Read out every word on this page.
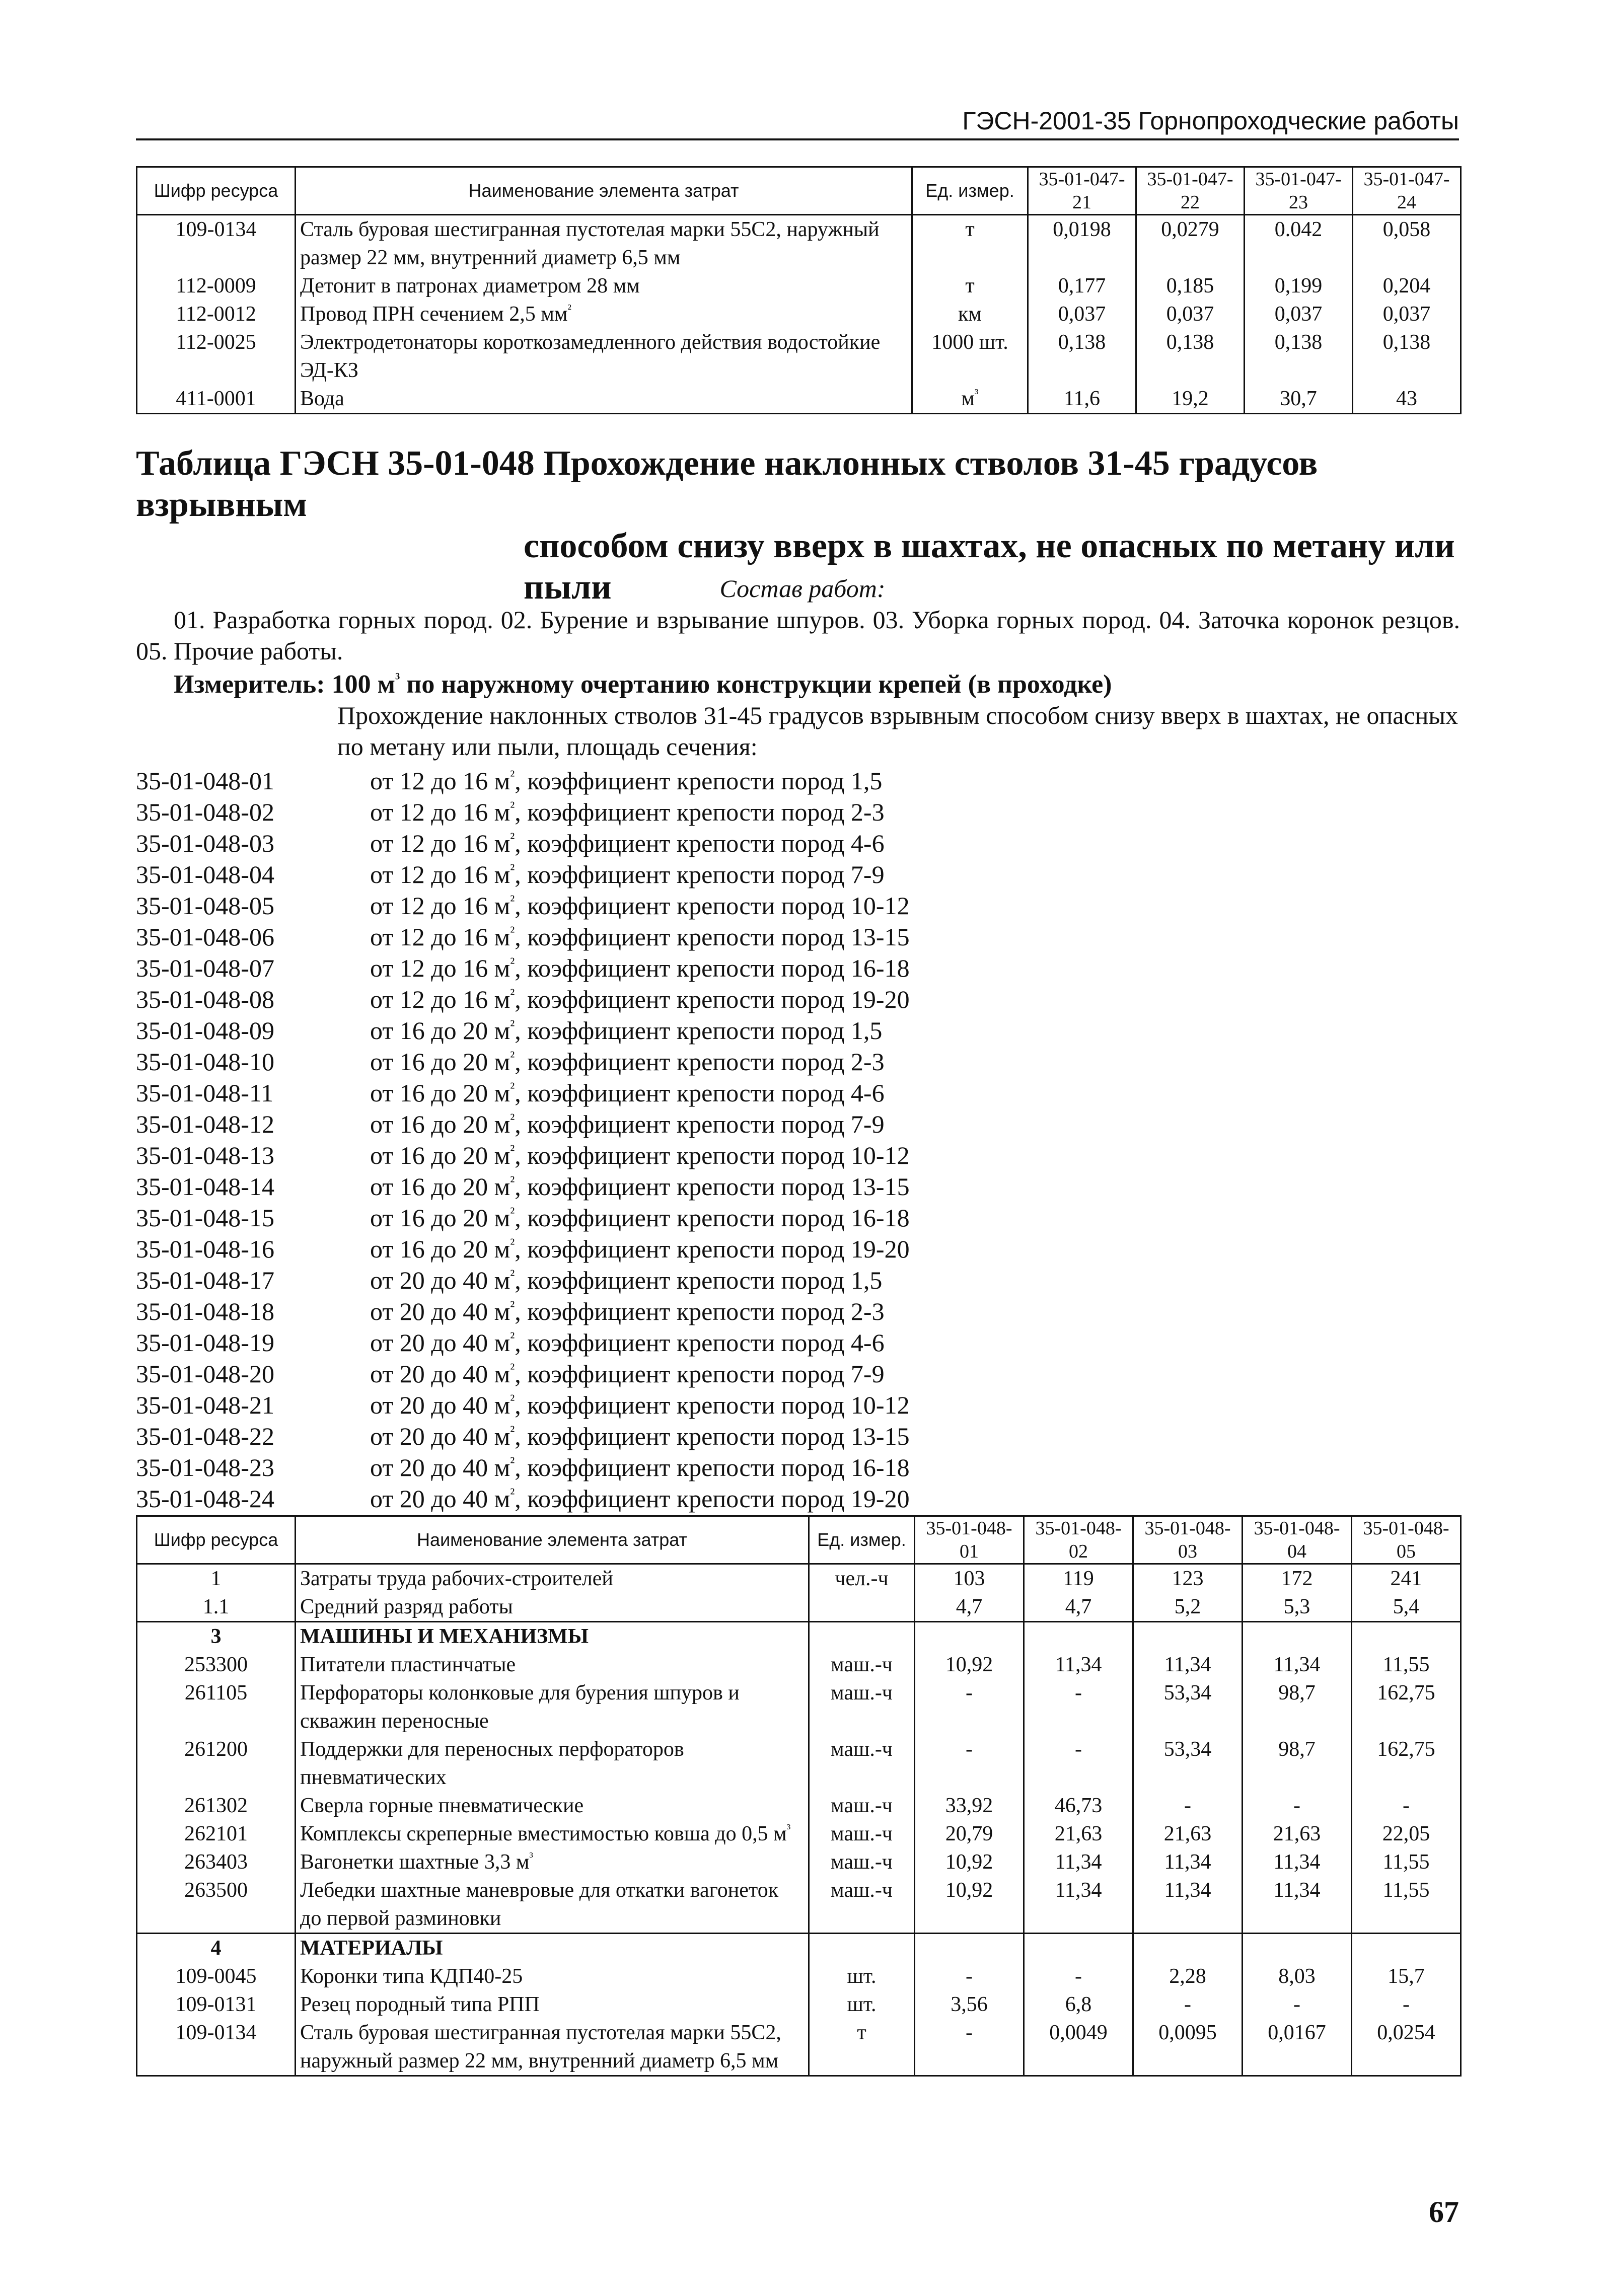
ГЭСН-2001-35 Горнопроходческие работы
Шифр ресурса	Наименование элемента затрат	Ед. измер.	35-01-047-21	35-01-047-22	35-01-047-23	35-01-047-24
109-0134	Сталь буровая шестигранная пустотелая марки 55С2, наружный размер 22 мм, внутренний диаметр 6,5 мм	т	0,0198	0,0279	0.042	0,058
112-0009	Детонит в патронах диаметром 28 мм	т	0,177	0,185	0,199	0,204
112-0012	Провод ПРН сечением 2,5 $мм^{^2}$	км	0,037	0,037	0,037	0,037
112-0025	Электродетонаторы короткозамедленного действия водостойкие ЭД-КЗ	1000 шт.	0,138	0,138	0,138	0,138
411-0001	Вода	$м^{^3}$	11,6	19,2	30,7	43
Таблица ГЭСН 35-01-048 Прохождение наклонных стволов 31-45 градусов взрывным
способом снизу вверх в шахтах, не опасных по метану или
пыли	Состав работ:
01. Разработка горных пород. 02. Бурение и взрывание шпуров. 03. Уборка горных пород. 04. Заточка коронок резцов. 05. Прочие работы.
Измеритель: 100 $м^{^3}$ по наружному очертанию конструкции крепей (в проходке)
Прохождение наклонных стволов 31-45 градусов взрывным способом снизу вверх в шахтах, не опасных по метану или пыли, площадь сечения:
35-01-048-01	от 12 до 16 $м^{^2}$, коэффициент крепости пород 1,5
35-01-048-02	от 12 до 16 $м^{^2}$, коэффициент крепости пород 2-3
35-01-048-03	от 12 до 16 $м^{^2}$, коэффициент крепости пород 4-6
35-01-048-04	от 12 до 16 $м^{^2}$, коэффициент крепости пород 7-9
35-01-048-05	от 12 до 16 $м^{^2}$, коэффициент крепости пород 10-12
35-01-048-06	от 12 до 16 $м^{^2}$, коэффициент крепости пород 13-15
35-01-048-07	от 12 до 16 $м^{^2}$, коэффициент крепости пород 16-18
35-01-048-08	от 12 до 16 $м^{^2}$, коэффициент крепости пород 19-20
35-01-048-09	от 16 до 20 $м^{^2}$, коэффициент крепости пород 1,5
35-01-048-10	от 16 до 20 $м^{^2}$, коэффициент крепости пород 2-3
35-01-048-11	от 16 до 20 $м^{^2}$, коэффициент крепости пород 4-6
35-01-048-12	от 16 до 20 $м^{^2}$, коэффициент крепости пород 7-9
35-01-048-13	от 16 до 20 $м^{^2}$, коэффициент крепости пород 10-12
35-01-048-14	от 16 до 20 $м^{^2}$, коэффициент крепости пород 13-15
35-01-048-15	от 16 до 20 $м^{^2}$, коэффициент крепости пород 16-18
35-01-048-16	от 16 до 20 $м^{^2}$, коэффициент крепости пород 19-20
35-01-048-17	от 20 до 40 $м^{^2}$, коэффициент крепости пород 1,5
35-01-048-18	от 20 до 40 $м^{^2}$, коэффициент крепости пород 2-3
35-01-048-19	от 20 до 40 $м^{^2}$, коэффициент крепости пород 4-6
35-01-048-20	от 20 до 40 $м^{^2}$, коэффициент крепости пород 7-9
35-01-048-21	от 20 до 40 $м^{^2}$, коэффициент крепости пород 10-12
35-01-048-22	от 20 до 40 $м^{^2}$, коэффициент крепости пород 13-15
35-01-048-23	от 20 до 40 $м^{^2}$, коэффициент крепости пород 16-18
35-01-048-24	от 20 до 40 $м^{^2}$, коэффициент крепости пород 19-20
Шифр ресурса	Наименование элемента затрат	Ед. измер.	35-01-048-01	35-01-048-02	35-01-048-03	35-01-048-04	35-01-048-05
1	Затраты труда рабочих-строителей	чел.-ч	103	119	123	172	241
1.1	Средний разряд работы		4,7	4,7	5,2	5,3	5,4
3	МАШИНЫ И МЕХАНИЗМЫ						
253300	Питатели пластинчатые	маш.-ч	10,92	11,34	11,34	11,34	11,55
261105	Перфораторы колонковые для бурения шпуров и скважин переносные	маш.-ч	-	-	53,34	98,7	162,75
261200	Поддержки для переносных перфораторов пневматических	маш.-ч	-	-	53,34	98,7	162,75
261302	Сверла горные пневматические	маш.-ч	33,92	46,73	-	-	-
262101	Комплексы скреперные вместимостью ковша до 0,5 $м^{^3}$	маш.-ч	20,79	21,63	21,63	21,63	22,05
263403	Вагонетки шахтные 3,3 $м^{^3}$	маш.-ч	10,92	11,34	11,34	11,34	11,55
263500	Лебедки шахтные маневровые для откатки вагонеток до первой разминовки	маш.-ч	10,92	11,34	11,34	11,34	11,55
4	МАТЕРИАЛЫ						
109-0045	Коронки типа КДП40-25	шт.	-	-	2,28	8,03	15,7
109-0131	Резец породный типа РПП	шт.	3,56	6,8	-	-	-
109-0134	Сталь буровая шестигранная пустотелая марки 55С2, наружный размер 22 мм, внутренний диаметр 6,5 мм	т	-	0,0049	0,0095	0,0167	0,0254
67
